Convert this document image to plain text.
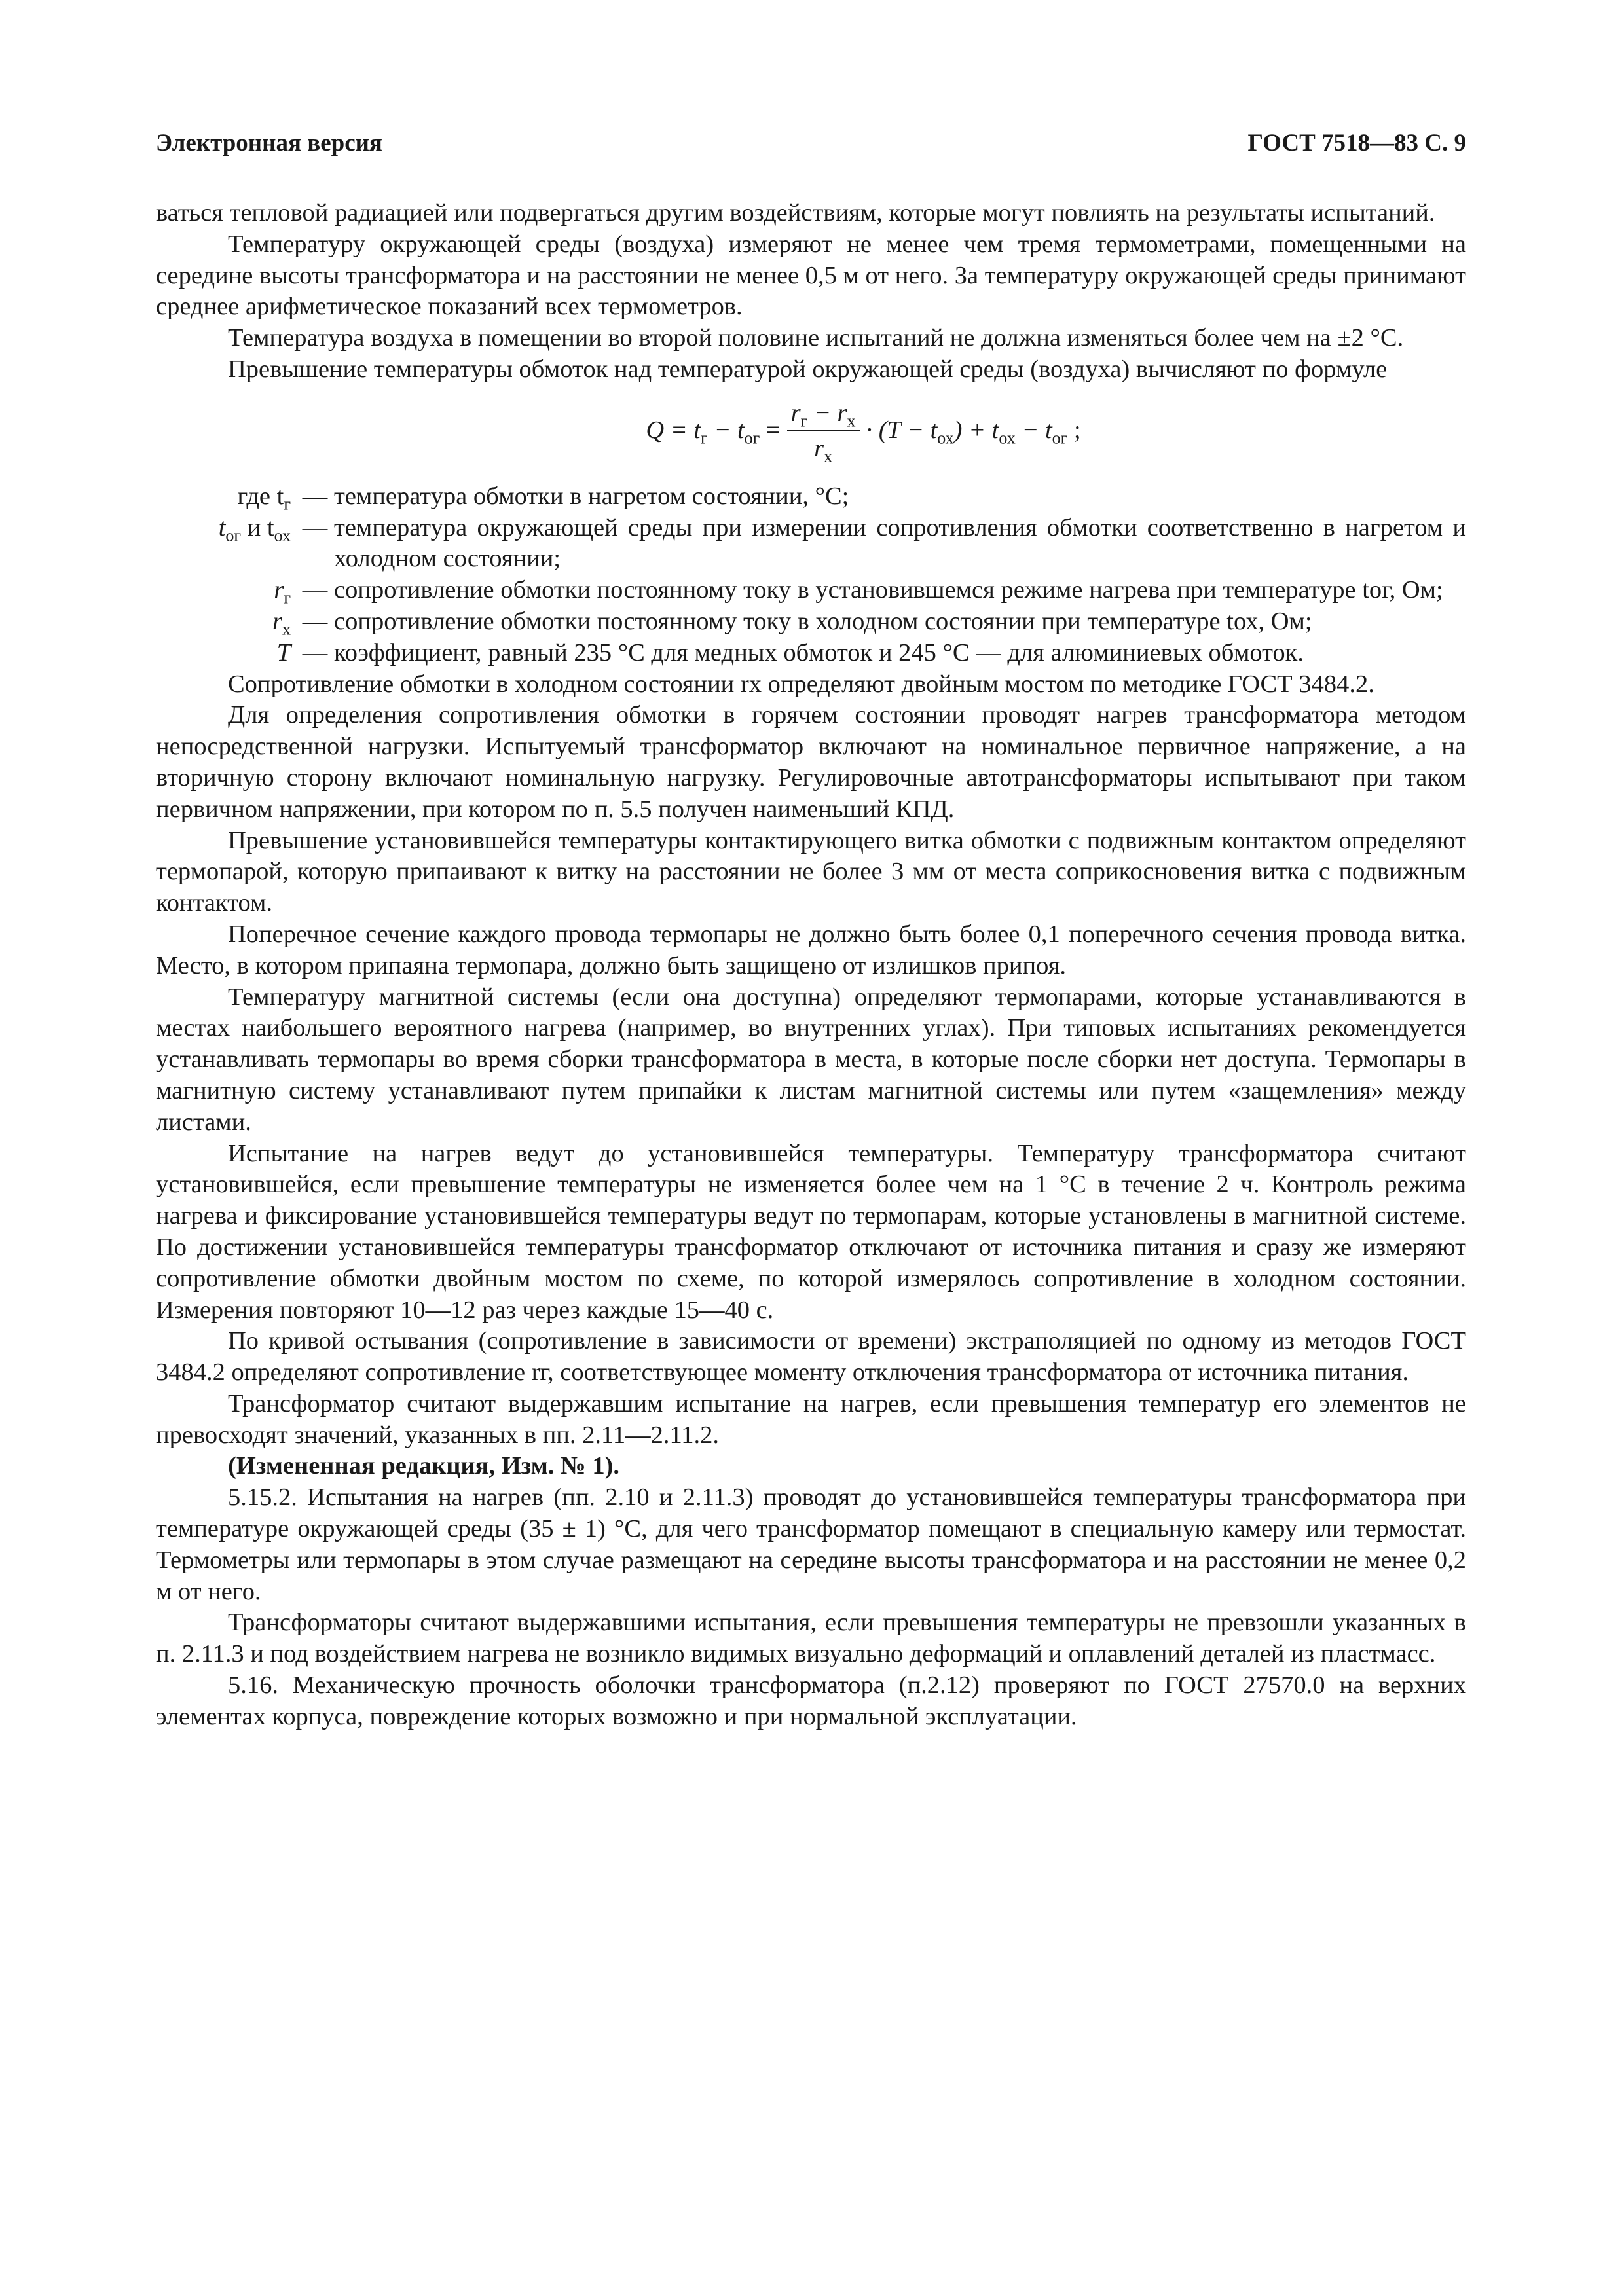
Электронная версия	ГОСТ 7518—83 С. 9

ваться тепловой радиацией или подвергаться другим воздействиям, которые могут повлиять на результаты испытаний.

Температуру окружающей среды (воздуха) измеряют не менее чем тремя термометрами, помещенными на середине высоты трансформатора и на расстоянии не менее 0,5 м от него. За температуру окружающей среды принимают среднее арифметическое показаний всех термометров.

Температура воздуха в помещении во второй половине испытаний не должна изменяться более чем на ±2 °С.

Превышение температуры обмоток над температурой окружающей среды (воздуха) вычисляют по формуле

$Q = t_г - t_{ог} = \frac{r_г - r_х}{r_х} \cdot (T - t_{ох}) + t_{ох} - t_{ог}$ ;
где $t_г$ — температура обмотки в нагретом состоянии, °С;
$t_{ог}$ и $t_{ох}$ — температура окружающей среды при измерении сопротивления обмотки соответственно в нагретом и холодном состоянии;
$r_г$ — сопротивление обмотки постоянному току в установившемся режиме нагрева при температуре tог, Ом;
$r_х$ — сопротивление обмотки постоянному току в холодном состоянии при температуре tох, Ом;
T — коэффициент, равный 235 °С для медных обмоток и 245 °С — для алюминиевых обмоток.

Сопротивление обмотки в холодном состоянии rх определяют двойным мостом по методике ГОСТ 3484.2.

Для определения сопротивления обмотки в горячем состоянии проводят нагрев трансформатора методом непосредственной нагрузки. Испытуемый трансформатор включают на номинальное первичное напряжение, а на вторичную сторону включают номинальную нагрузку. Регулировочные автотрансформаторы испытывают при таком первичном напряжении, при котором по п. 5.5 получен наименьший КПД.

Превышение установившейся температуры контактирующего витка обмотки с подвижным контактом определяют термопарой, которую припаивают к витку на расстоянии не более 3 мм от места соприкосновения витка с подвижным контактом.

Поперечное сечение каждого провода термопары не должно быть более 0,1 поперечного сечения провода витка. Место, в котором припаяна термопара, должно быть защищено от излишков припоя.

Температуру магнитной системы (если она доступна) определяют термопарами, которые устанавливаются в местах наибольшего вероятного нагрева (например, во внутренних углах). При типовых испытаниях рекомендуется устанавливать термопары во время сборки трансформатора в места, в которые после сборки нет доступа. Термопары в магнитную систему устанавливают путем припайки к листам магнитной системы или путем «защемления» между листами.

Испытание на нагрев ведут до установившейся температуры. Температуру трансформатора считают установившейся, если превышение температуры не изменяется более чем на 1 °С в течение 2 ч. Контроль режима нагрева и фиксирование установившейся температуры ведут по термопарам, которые установлены в магнитной системе. По достижении установившейся температуры трансформатор отключают от источника питания и сразу же измеряют сопротивление обмотки двойным мостом по схеме, по которой измерялось сопротивление в холодном состоянии. Измерения повторяют 10—12 раз через каждые 15—40 с.

По кривой остывания (сопротивление в зависимости от времени) экстраполяцией по одному из методов ГОСТ 3484.2 определяют сопротивление rг, соответствующее моменту отключения трансформатора от источника питания.

Трансформатор считают выдержавшим испытание на нагрев, если превышения температур его элементов не превосходят значений, указанных в пп. 2.11—2.11.2.

(Измененная редакция, Изм. № 1).

5.15.2. Испытания на нагрев (пп. 2.10 и 2.11.3) проводят до установившейся температуры трансформатора при температуре окружающей среды (35 ± 1) °С, для чего трансформатор помещают в специальную камеру или термостат. Термометры или термопары в этом случае размещают на середине высоты трансформатора и на расстоянии не менее 0,2 м от него.

Трансформаторы считают выдержавшими испытания, если превышения температуры не превзошли указанных в п. 2.11.3 и под воздействием нагрева не возникло видимых визуально деформаций и оплавлений деталей из пластмасс.

5.16. Механическую прочность оболочки трансформатора (п.2.12) проверяют по ГОСТ 27570.0 на верхних элементах корпуса, повреждение которых возможно и при нормальной эксплуатации.
